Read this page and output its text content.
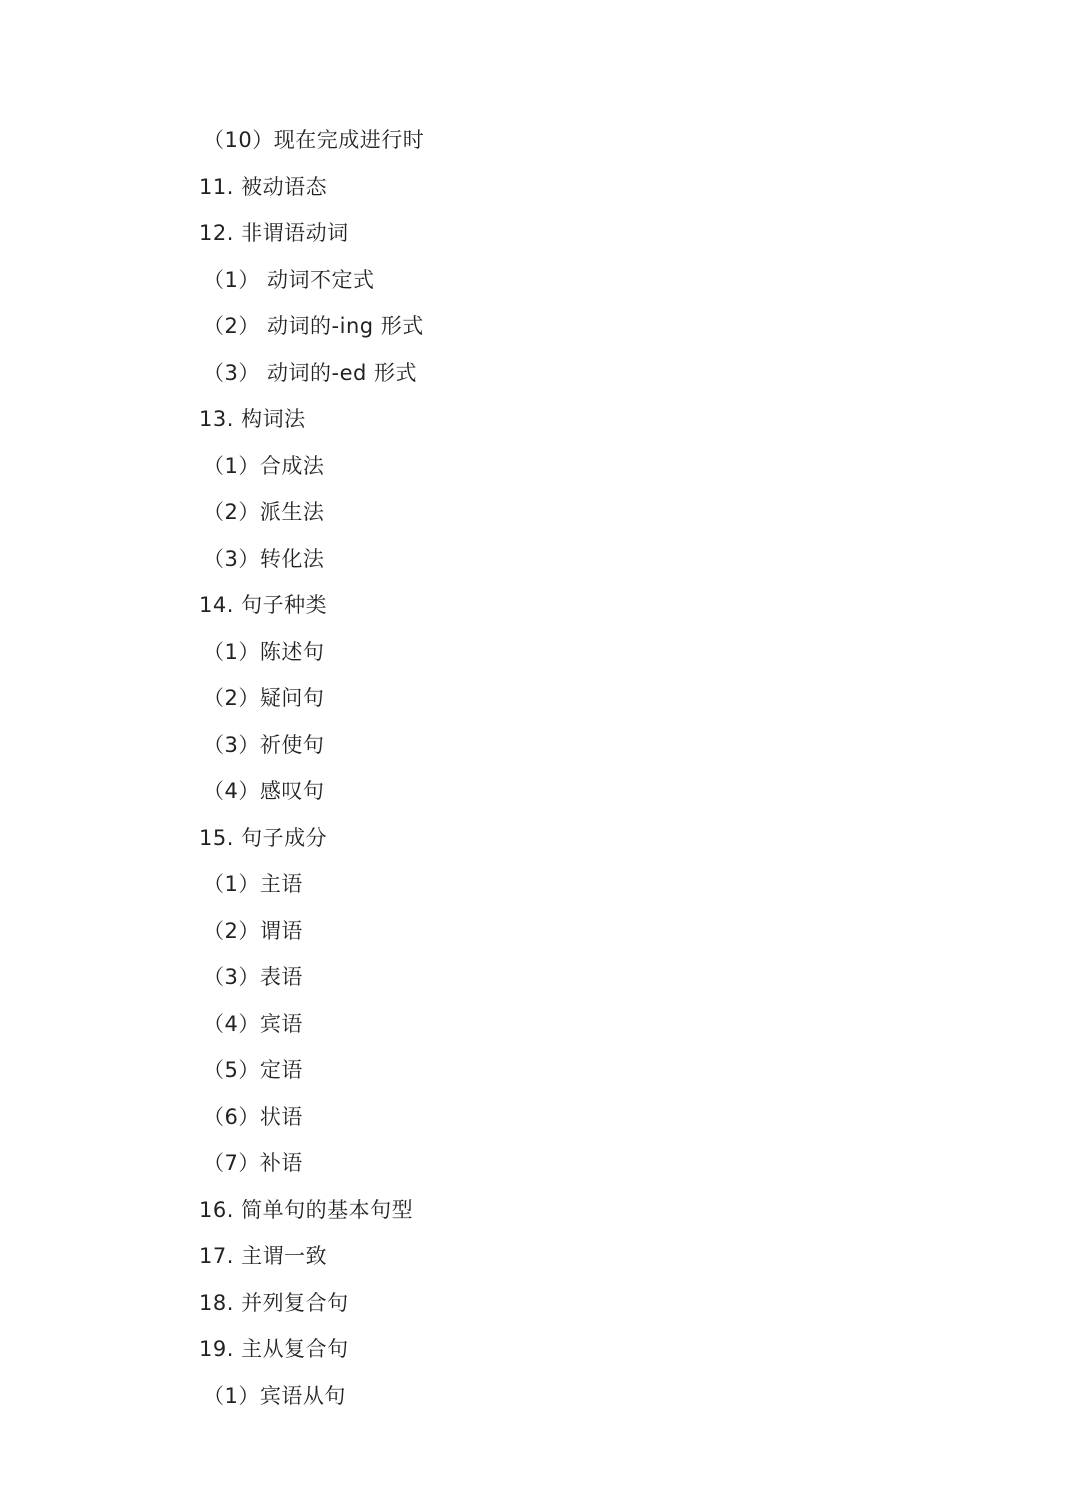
（10）现在完成进行时
11. 被动语态
12. 非谓语动词
（1） 动词不定式
（2） 动词的-ing 形式
（3） 动词的-ed 形式
13. 构词法
（1）合成法
（2）派生法
（3）转化法
14. 句子种类
（1）陈述句
（2）疑问句
（3）祈使句
（4）感叹句
15. 句子成分
（1）主语
（2）谓语
（3）表语
（4）宾语
（5）定语
（6）状语
（7）补语
16. 简单句的基本句型
17. 主谓一致
18. 并列复合句
19. 主从复合句
（1）宾语从句
